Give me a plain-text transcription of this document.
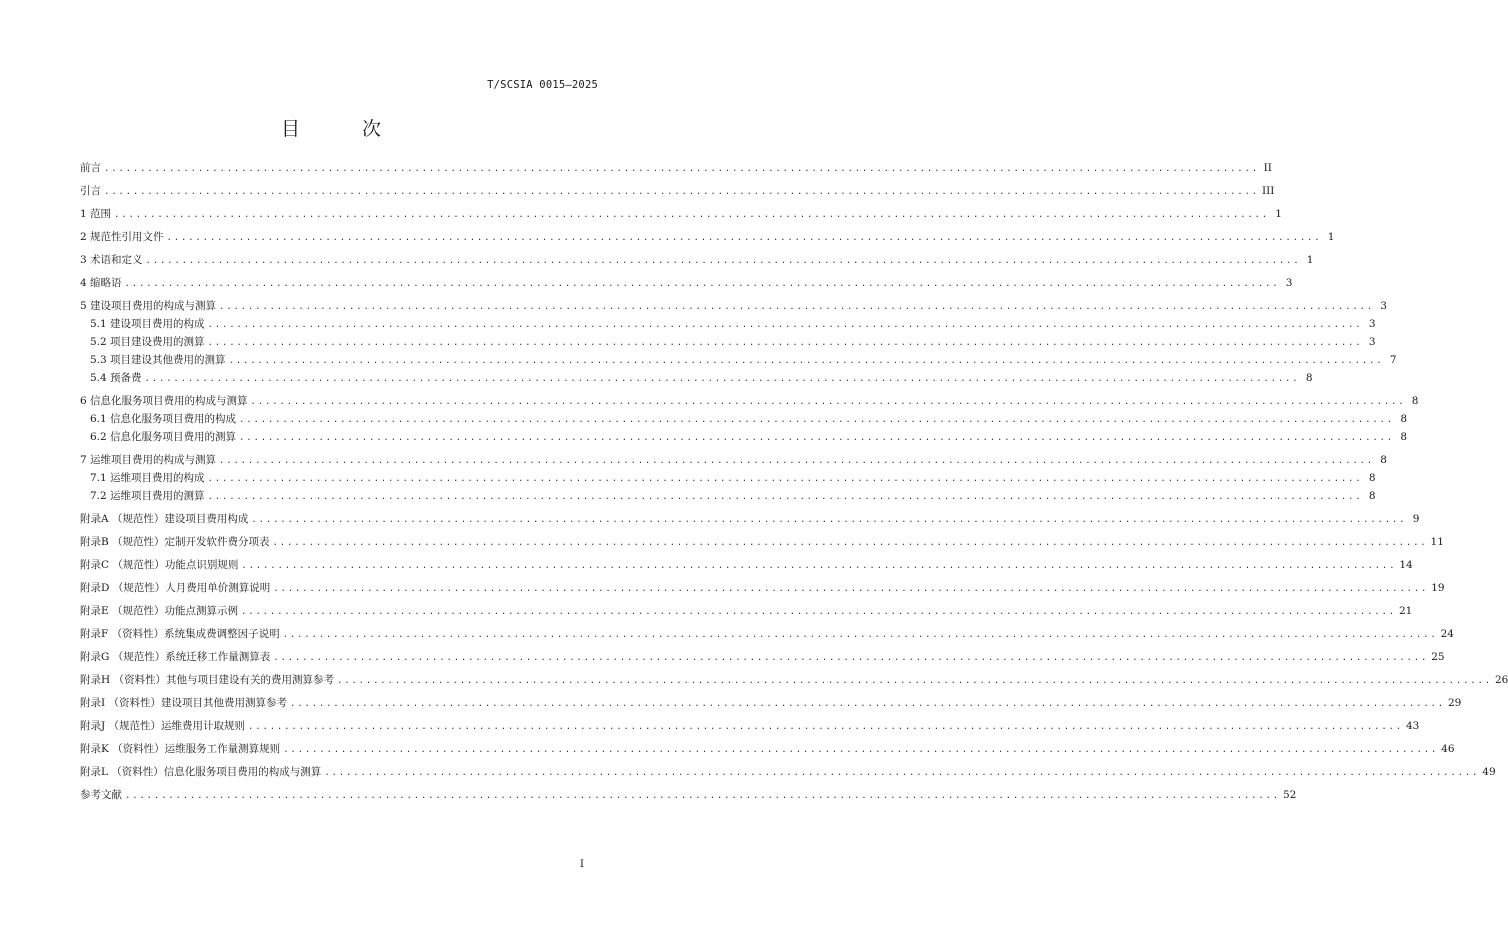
T/SCSIA 0015—2025
目 次
前言 ................................................................................................................................................................ II
引言 ................................................................................................................................................................ III
1 范围 ................................................................................................................................................................ 1
2 规范性引用文件 ................................................................................................................................................................ 1
3 术语和定义 ................................................................................................................................................................ 1
4 缩略语 ................................................................................................................................................................ 3
5 建设项目费用的构成与测算 ................................................................................................................................................................ 3
5.1 建设项目费用的构成 ................................................................................................................................................................ 3
5.2 项目建设费用的测算 ................................................................................................................................................................ 3
5.3 项目建设其他费用的测算 ................................................................................................................................................................ 7
5.4 预备费 ................................................................................................................................................................ 8
6 信息化服务项目费用的构成与测算 ................................................................................................................................................................ 8
6.1 信息化服务项目费用的构成 ................................................................................................................................................................ 8
6.2 信息化服务项目费用的测算 ................................................................................................................................................................ 8
7 运维项目费用的构成与测算 ................................................................................................................................................................ 8
7.1 运维项目费用的构成 ................................................................................................................................................................ 8
7.2 运维项目费用的测算 ................................................................................................................................................................ 8
附录A （规范性）建设项目费用构成 ................................................................................................................................................................ 9
附录B （规范性）定制开发软件费分项表 ................................................................................................................................................................ 11
附录C （规范性）功能点识别规则 ................................................................................................................................................................ 14
附录D （规范性）人月费用单价测算说明 ................................................................................................................................................................ 19
附录E （规范性）功能点测算示例 ................................................................................................................................................................ 21
附录F （资料性）系统集成费调整因子说明 ................................................................................................................................................................ 24
附录G （规范性）系统迁移工作量测算表 ................................................................................................................................................................ 25
附录H （资料性）其他与项目建设有关的费用测算参考 ................................................................................................................................................................ 26
附录I （资料性）建设项目其他费用测算参考 ................................................................................................................................................................ 29
附录J （规范性）运维费用计取规则 ................................................................................................................................................................ 43
附录K （资料性）运维服务工作量测算规则 ................................................................................................................................................................ 46
附录L （资料性）信息化服务项目费用的构成与测算 ................................................................................................................................................................ 49
参考文献 ................................................................................................................................................................ 52
I
